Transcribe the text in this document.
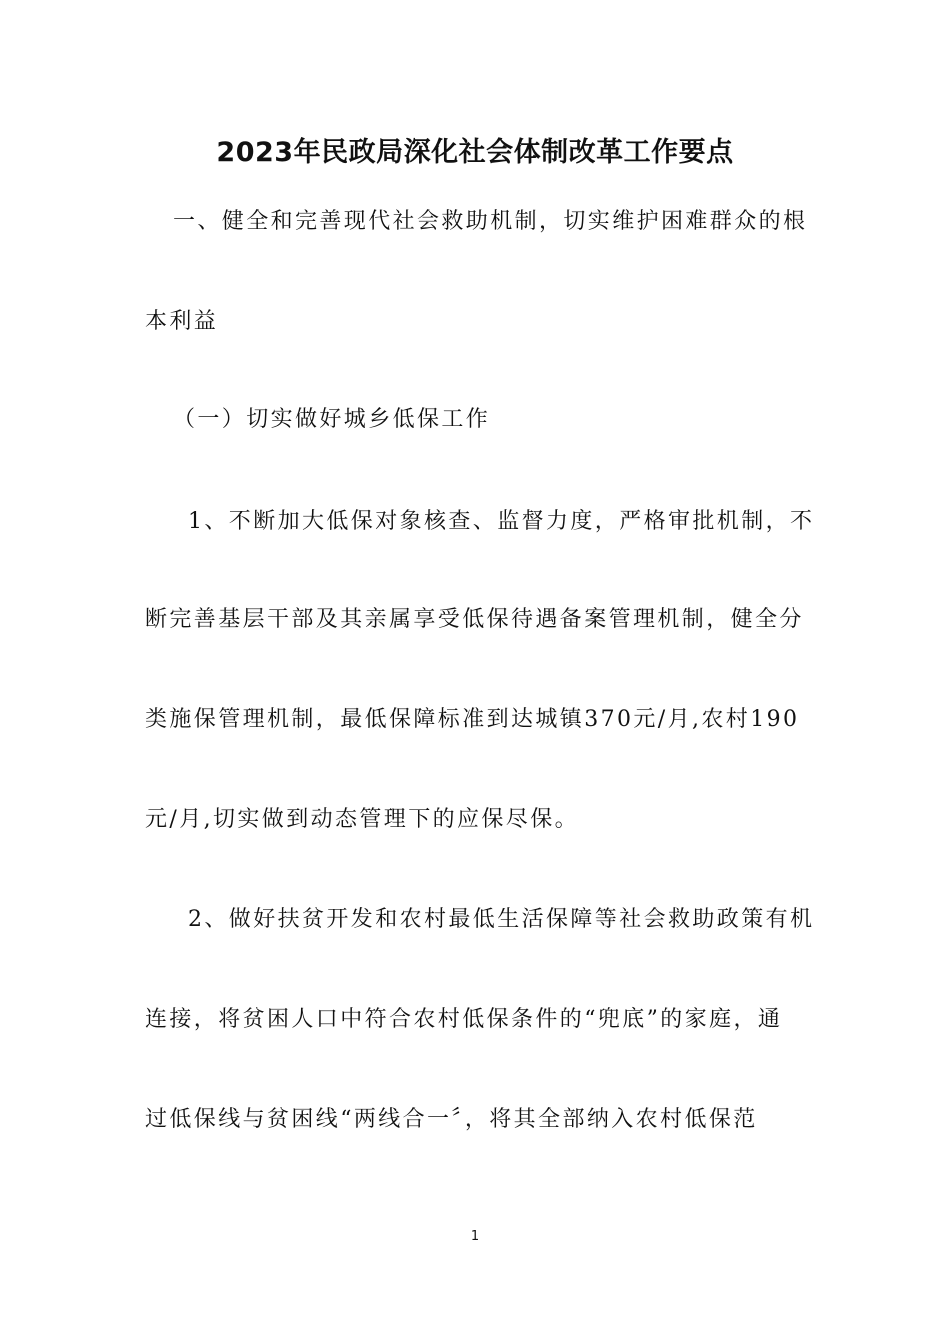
2023年民政局深化社会体制改革工作要点
一、健全和完善现代社会救助机制，切实维护困难群众的根
本利益
（一）切实做好城乡低保工作
1、不断加大低保对象核查、监督力度，严格审批机制，不
断完善基层干部及其亲属享受低保待遇备案管理机制，健全分
类施保管理机制，最低保障标准到达城镇370元/月,农村190
元/月,切实做到动态管理下的应保尽保。
2、做好扶贫开发和农村最低生活保障等社会救助政策有机
连接，将贫困人口中符合农村低保条件的“兜底”的家庭，通
过低保线与贫困线“两线合一〞，将其全部纳入农村低保范
1
